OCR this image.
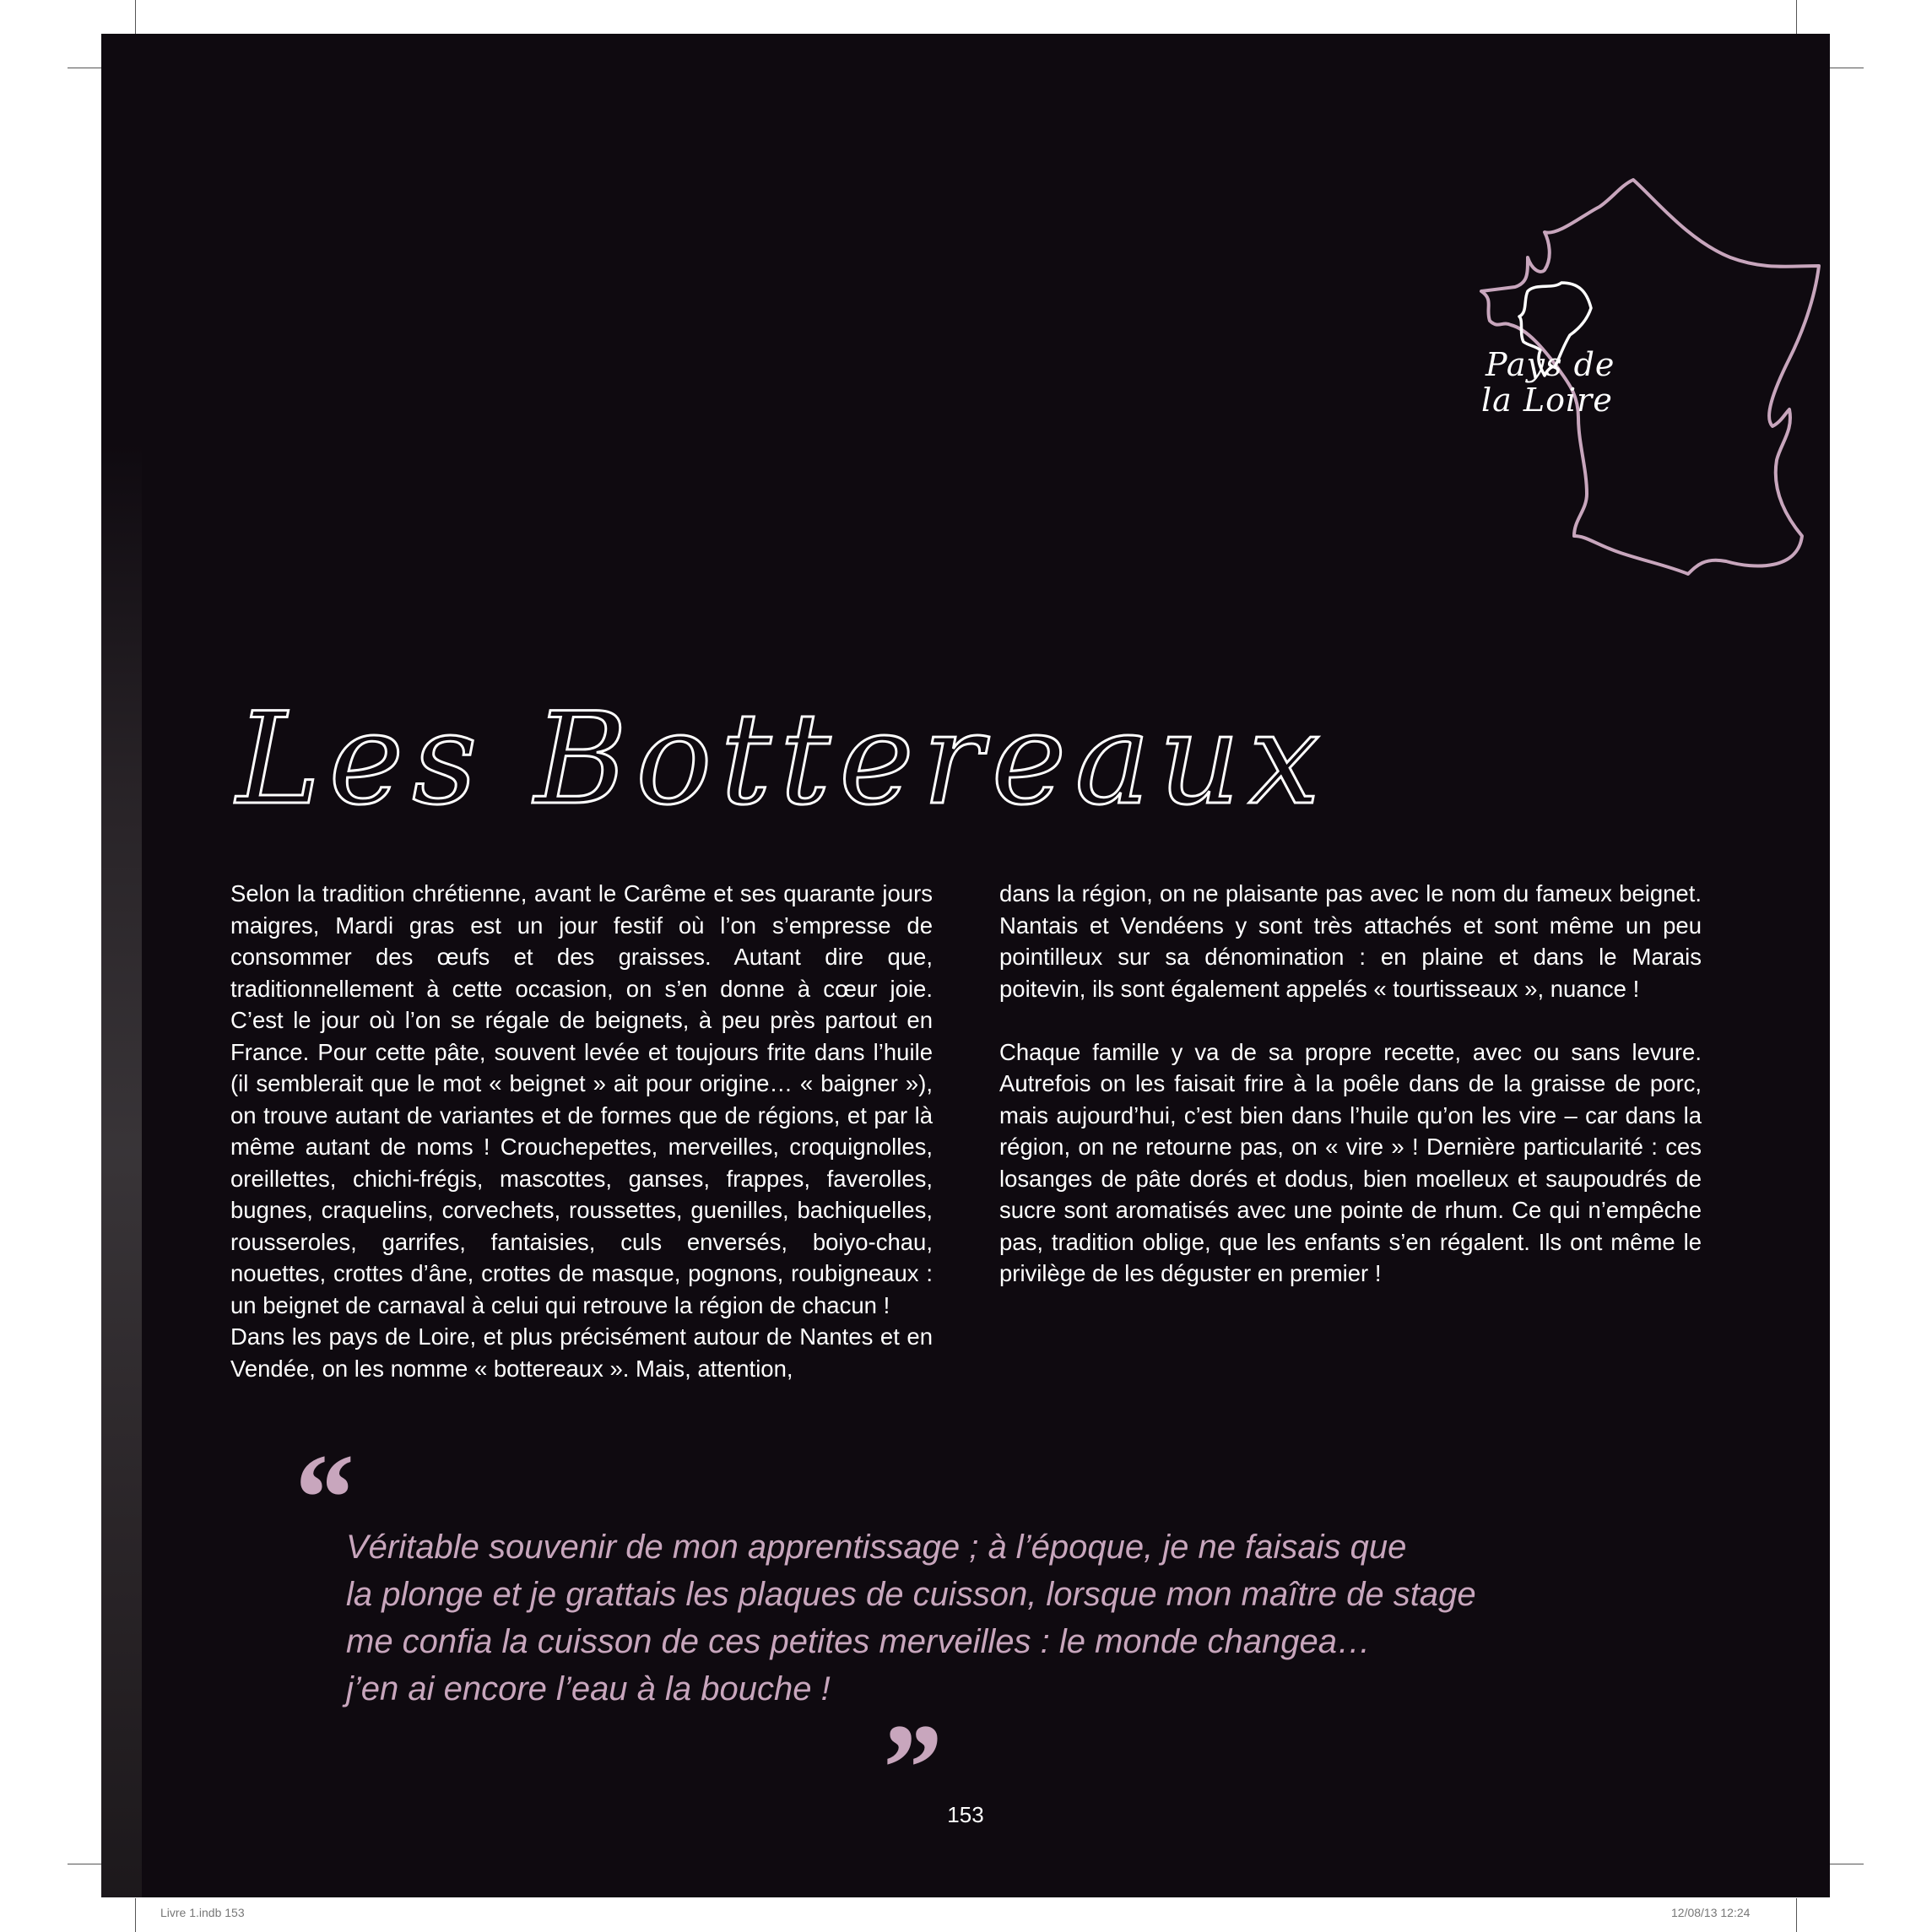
Pays de
la Loire
Les Bottereaux

Selon la tradition chrétienne, avant le Carême et ses quarante jours maigres, Mardi gras est un jour festif où l’on s’empresse de consommer des œufs et des graisses. Autant dire que, traditionnellement à cette occasion, on s’en donne à cœur joie. C’est le jour où l’on se régale de beignets, à peu près partout en France. Pour cette pâte, souvent levée et toujours frite dans l’huile (il semblerait que le mot « beignet » ait pour origine… « baigner »), on trouve autant de variantes et de formes que de régions, et par là même autant de noms ! Crouchepettes, merveilles, croquignolles, oreillettes, chichi-frégis, mascottes, ganses, frappes, faverolles, bugnes, craquelins, corvechets, roussettes, guenilles, bachiquelles, rousseroles, garrifes, fantaisies, culs enversés, boiyo-chau, nouettes, crottes d’âne, crottes de masque, pognons, roubigneaux : un beignet de carnaval à celui qui retrouve la région de chacun !

Dans les pays de Loire, et plus précisément autour de Nantes et en Vendée, on les nomme « bottereaux ». Mais, attention,

dans la région, on ne plaisante pas avec le nom du fameux beignet. Nantais et Vendéens y sont très attachés et sont même un peu pointilleux sur sa dénomination : en plaine et dans le Marais poitevin, ils sont également appelés « tourtisseaux », nuance !

Chaque famille y va de sa propre recette, avec ou sans levure. Autrefois on les faisait frire à la poêle dans de la graisse de porc, mais aujourd’hui, c’est bien dans l’huile qu’on les vire – car dans la région, on ne retourne pas, on « vire » ! Dernière particularité : ces losanges de pâte dorés et dodus, bien moelleux et saupoudrés de sucre sont aromatisés avec une pointe de rhum. Ce qui n’empêche pas, tradition oblige, que les enfants s’en régalent. Ils ont même le privilège de les déguster en premier !

“
Véritable souvenir de mon apprentissage ; à l’époque, je ne faisais que
la plonge et je grattais les plaques de cuisson, lorsque mon maître de stage
me confia la cuisson de ces petites merveilles : le monde changea…
j’en ai encore l’eau à la bouche !
” 153
Livre 1.indb 153	12/08/13 12:24
